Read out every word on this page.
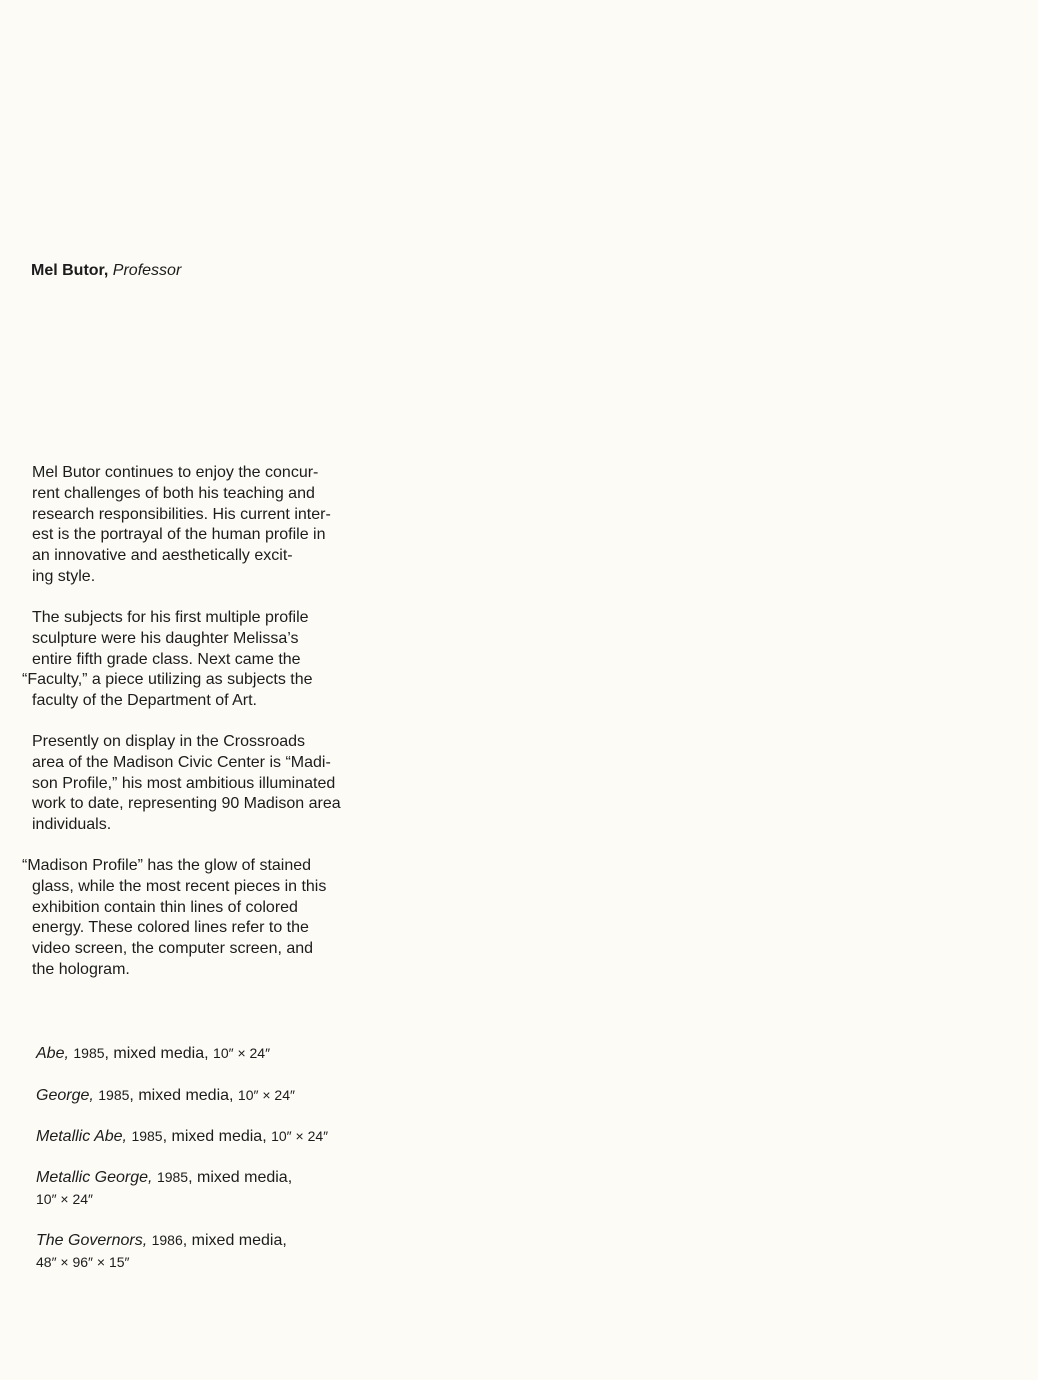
Mel Butor, Professor

Mel Butor continues to enjoy the concur-
rent challenges of both his teaching and
research responsibilities. His current inter-
est is the portrayal of the human profile in
an innovative and aesthetically excit-
ing style.

The subjects for his first multiple profile
sculpture were his daughter Melissa’s
entire fifth grade class. Next came the
“Faculty,” a piece utilizing as subjects the
faculty of the Department of Art.

Presently on display in the Crossroads
area of the Madison Civic Center is “Madi-
son Profile,” his most ambitious illuminated
work to date, representing 90 Madison area
individuals.

“Madison Profile” has the glow of stained
glass, while the most recent pieces in this
exhibition contain thin lines of colored
energy. These colored lines refer to the
video screen, the computer screen, and
the hologram.

Abe, 1985, mixed media, 10″ × 24″
George, 1985, mixed media, 10″ × 24″
Metallic Abe, 1985, mixed media, 10″ × 24″
Metallic George, 1985, mixed media,
10″ × 24″
The Governors, 1986, mixed media,
48″ × 96″ × 15″
